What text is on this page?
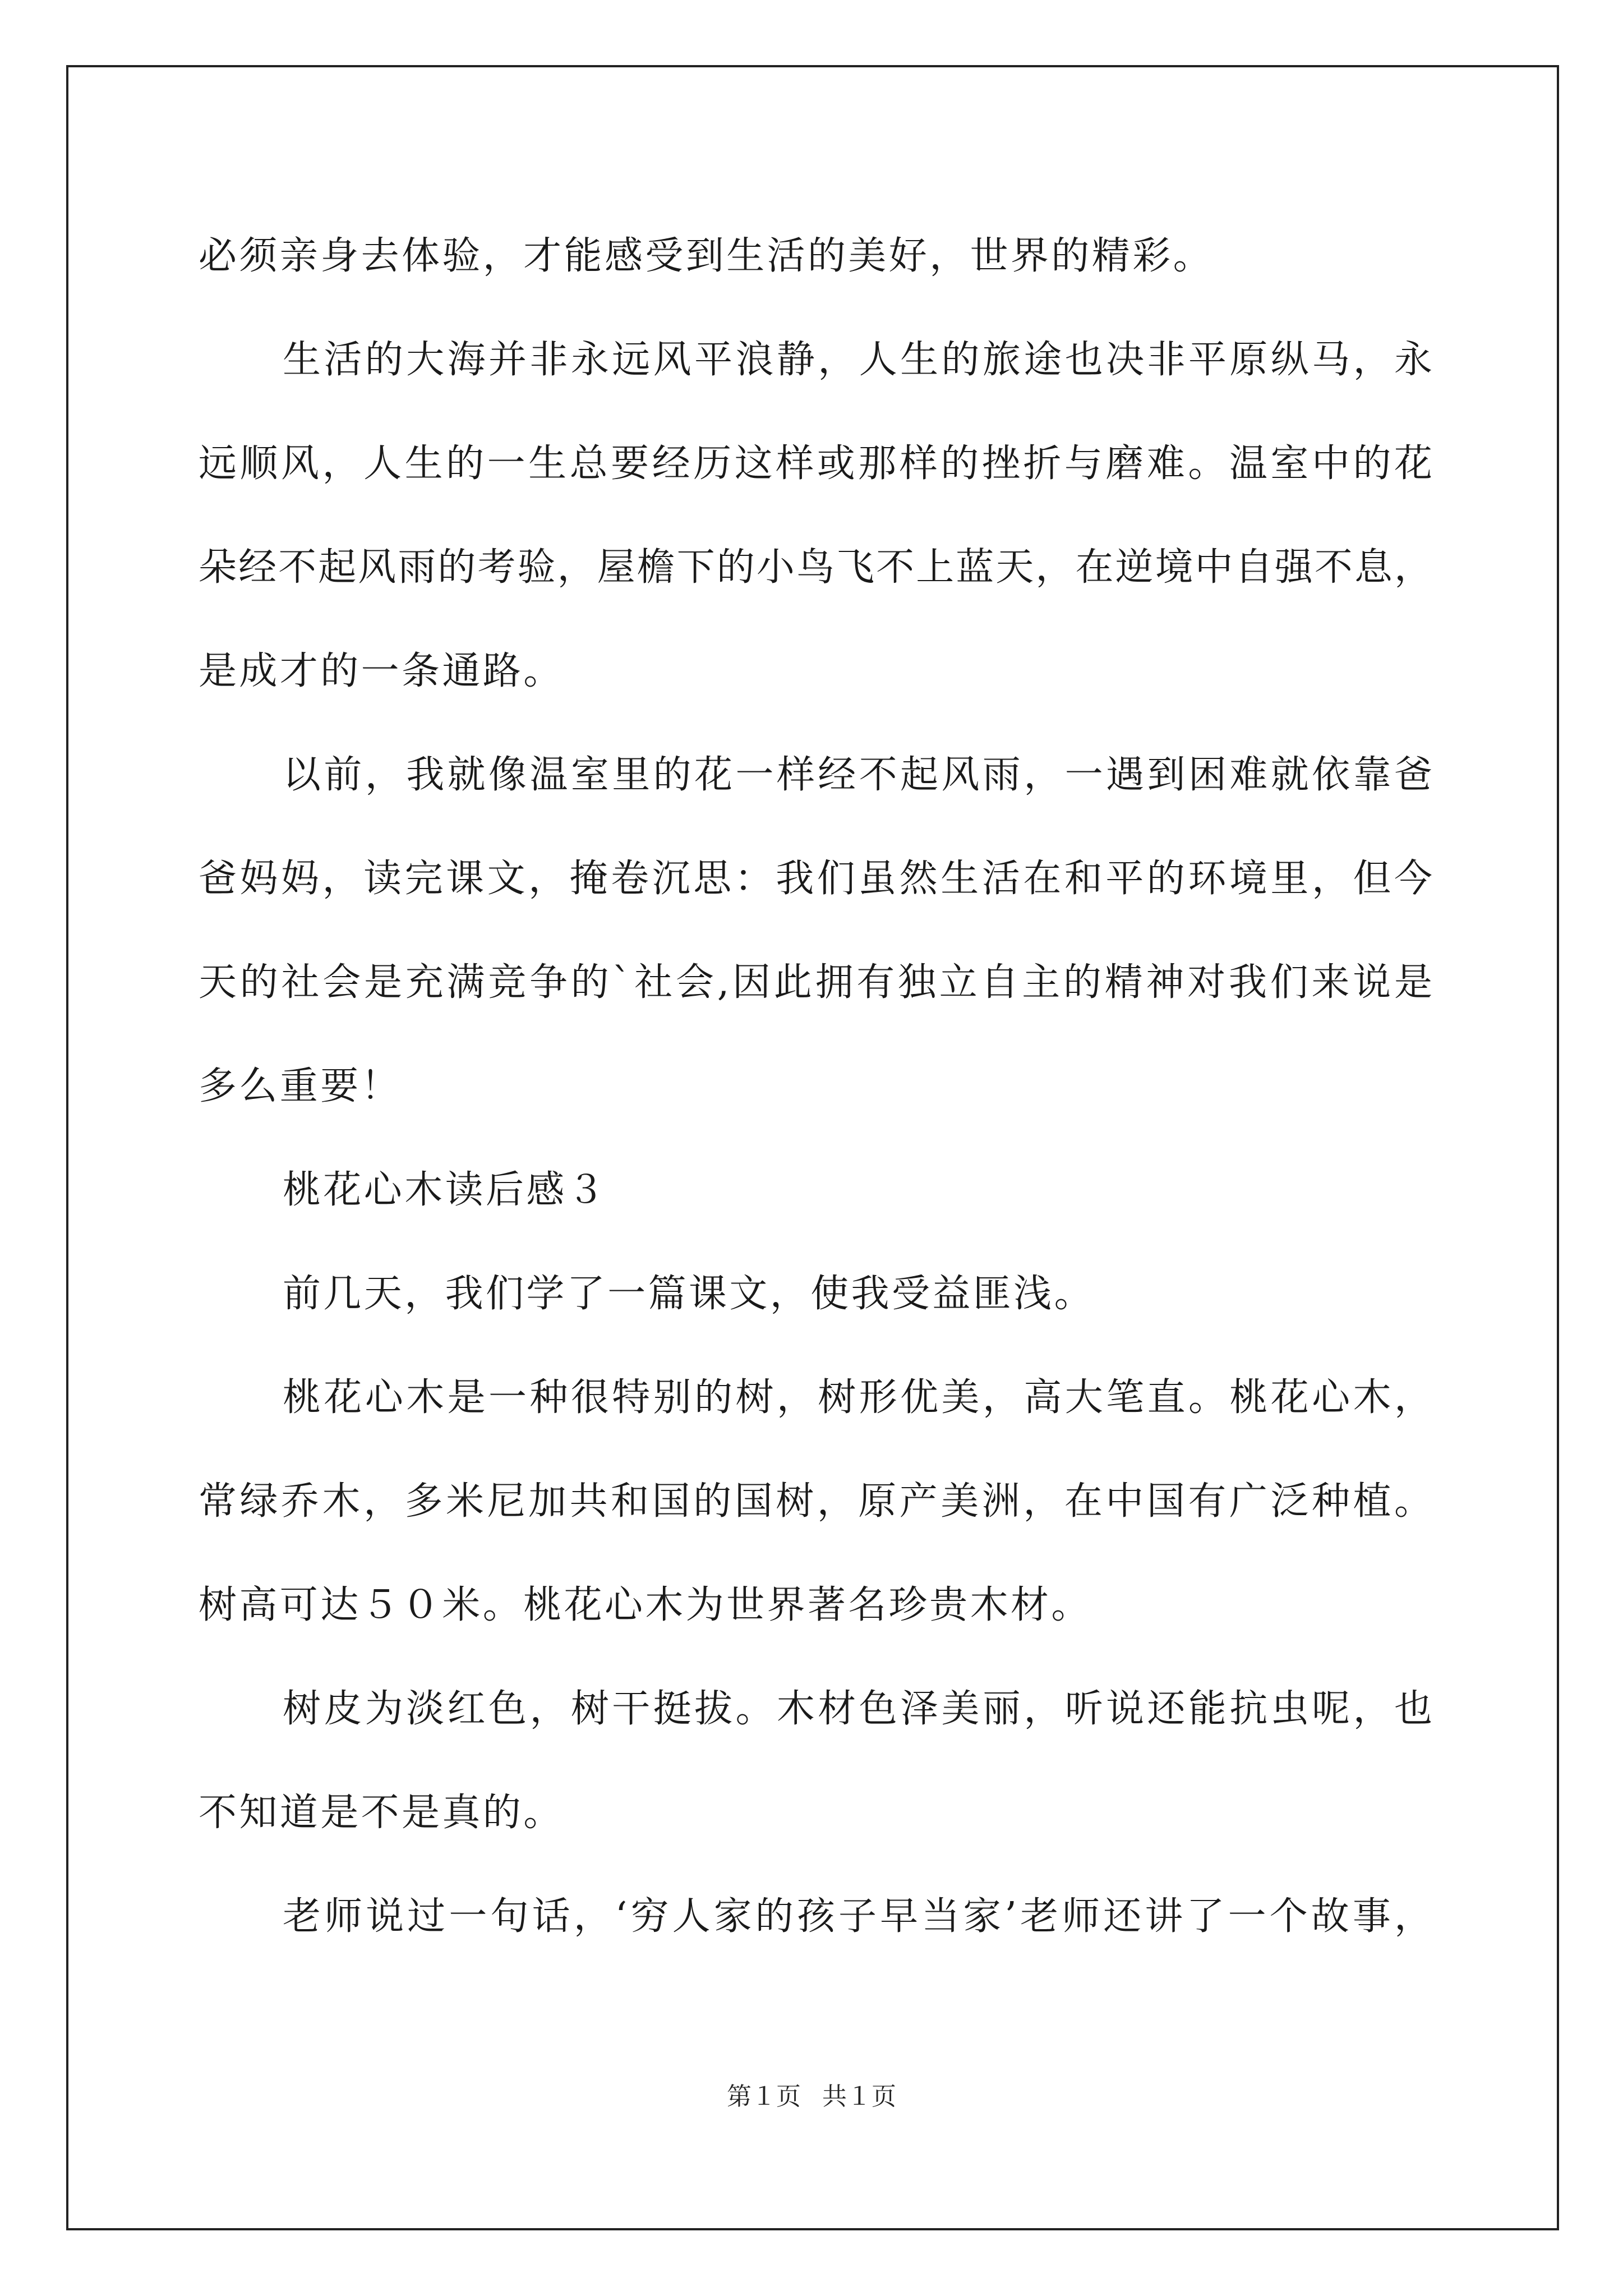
必须亲身去体验，才能感受到生活的美好，世界的精彩。
生活的大海并非永远风平浪静，人生的旅途也决非平原纵马，永
远顺风，人生的一生总要经历这样或那样的挫折与磨难。温室中的花
朵经不起风雨的考验，屋檐下的小鸟飞不上蓝天，在逆境中自强不息，
是成才的一条通路。
以前，我就像温室里的花一样经不起风雨，一遇到困难就依靠爸
爸妈妈，读完课文，掩卷沉思：我们虽然生活在和平的环境里，但今
天的社会是充满竞争的`社会,因此拥有独立自主的精神对我们来说是
多么重要！
桃花心木读后感３
前几天，我们学了一篇课文，使我受益匪浅。
桃花心木是一种很特别的树，树形优美，高大笔直。桃花心木，
常绿乔木，多米尼加共和国的国树，原产美洲，在中国有广泛种植。
树高可达５０米。桃花心木为世界著名珍贵木材。
树皮为淡红色，树干挺拔。木材色泽美丽，听说还能抗虫呢，也
不知道是不是真的。
老师说过一句话，‘穷人家的孩子早当家’老师还讲了一个故事，
第１页 共１页
